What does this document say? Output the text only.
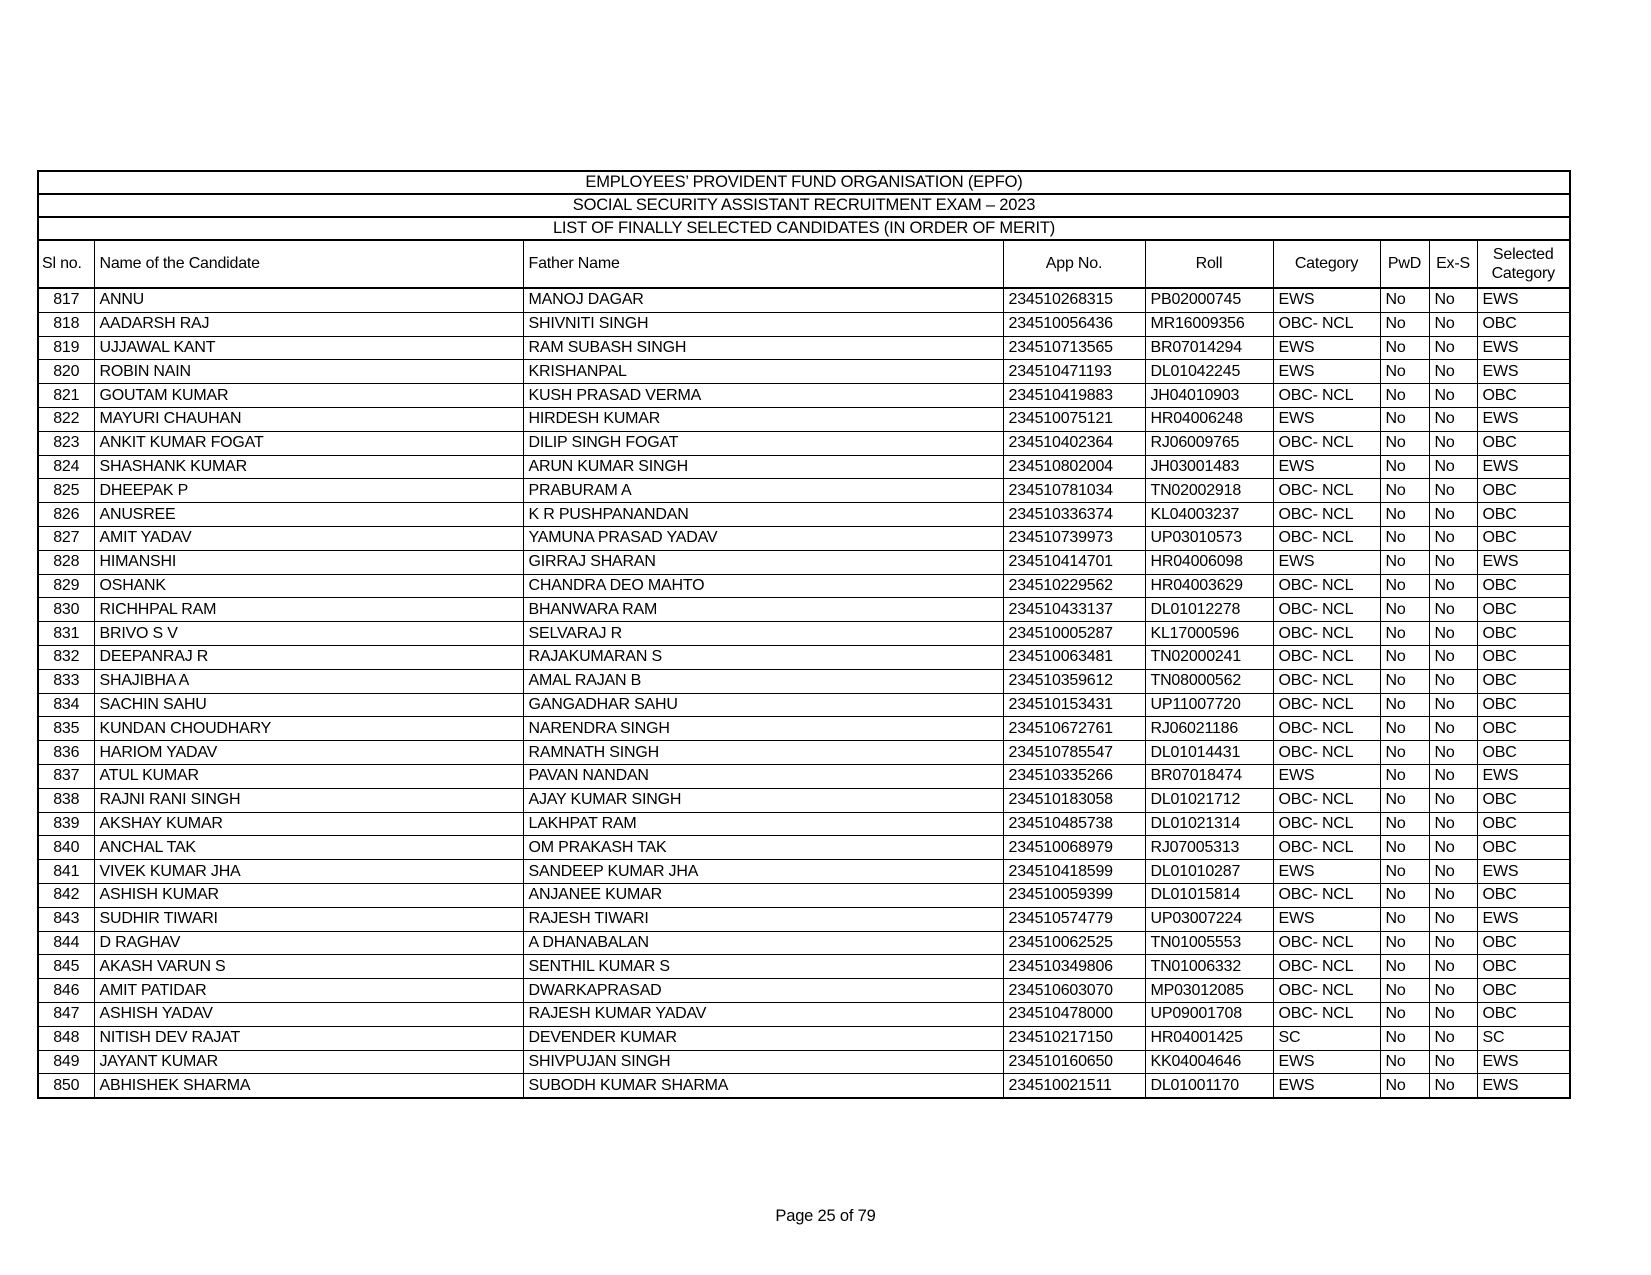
EMPLOYEES’ PROVIDENT FUND ORGANISATION (EPFO)								
SOCIAL SECURITY ASSISTANT RECRUITMENT EXAM – 2023								
LIST OF FINALLY SELECTED CANDIDATES (IN ORDER OF MERIT)								
Sl no.	Name of the Candidate	Father Name	App No.	Roll	Category	PwD	Ex-S	Selected Category
817	ANNU	MANOJ DAGAR	234510268315	PB02000745	EWS	No	No	EWS
818	AADARSH RAJ	SHIVNITI SINGH	234510056436	MR16009356	OBC- NCL	No	No	OBC
819	UJJAWAL KANT	RAM SUBASH SINGH	234510713565	BR07014294	EWS	No	No	EWS
820	ROBIN NAIN	KRISHANPAL	234510471193	DL01042245	EWS	No	No	EWS
821	GOUTAM KUMAR	KUSH PRASAD VERMA	234510419883	JH04010903	OBC- NCL	No	No	OBC
822	MAYURI CHAUHAN	HIRDESH KUMAR	234510075121	HR04006248	EWS	No	No	EWS
823	ANKIT KUMAR FOGAT	DILIP SINGH FOGAT	234510402364	RJ06009765	OBC- NCL	No	No	OBC
824	SHASHANK KUMAR	ARUN KUMAR SINGH	234510802004	JH03001483	EWS	No	No	EWS
825	DHEEPAK P	PRABURAM A	234510781034	TN02002918	OBC- NCL	No	No	OBC
826	ANUSREE	K R PUSHPANANDAN	234510336374	KL04003237	OBC- NCL	No	No	OBC
827	AMIT YADAV	YAMUNA PRASAD YADAV	234510739973	UP03010573	OBC- NCL	No	No	OBC
828	HIMANSHI	GIRRAJ SHARAN	234510414701	HR04006098	EWS	No	No	EWS
829	OSHANK	CHANDRA DEO MAHTO	234510229562	HR04003629	OBC- NCL	No	No	OBC
830	RICHHPAL RAM	BHANWARA RAM	234510433137	DL01012278	OBC- NCL	No	No	OBC
831	BRIVO S V	SELVARAJ R	234510005287	KL17000596	OBC- NCL	No	No	OBC
832	DEEPANRAJ R	RAJAKUMARAN S	234510063481	TN02000241	OBC- NCL	No	No	OBC
833	SHAJIBHA A	AMAL RAJAN B	234510359612	TN08000562	OBC- NCL	No	No	OBC
834	SACHIN SAHU	GANGADHAR SAHU	234510153431	UP11007720	OBC- NCL	No	No	OBC
835	KUNDAN CHOUDHARY	NARENDRA SINGH	234510672761	RJ06021186	OBC- NCL	No	No	OBC
836	HARIOM YADAV	RAMNATH SINGH	234510785547	DL01014431	OBC- NCL	No	No	OBC
837	ATUL KUMAR	PAVAN NANDAN	234510335266	BR07018474	EWS	No	No	EWS
838	RAJNI RANI SINGH	AJAY KUMAR SINGH	234510183058	DL01021712	OBC- NCL	No	No	OBC
839	AKSHAY KUMAR	LAKHPAT RAM	234510485738	DL01021314	OBC- NCL	No	No	OBC
840	ANCHAL TAK	OM PRAKASH TAK	234510068979	RJ07005313	OBC- NCL	No	No	OBC
841	VIVEK KUMAR JHA	SANDEEP KUMAR JHA	234510418599	DL01010287	EWS	No	No	EWS
842	ASHISH KUMAR	ANJANEE KUMAR	234510059399	DL01015814	OBC- NCL	No	No	OBC
843	SUDHIR TIWARI	RAJESH TIWARI	234510574779	UP03007224	EWS	No	No	EWS
844	D RAGHAV	A DHANABALAN	234510062525	TN01005553	OBC- NCL	No	No	OBC
845	AKASH VARUN S	SENTHIL KUMAR S	234510349806	TN01006332	OBC- NCL	No	No	OBC
846	AMIT PATIDAR	DWARKAPRASAD	234510603070	MP03012085	OBC- NCL	No	No	OBC
847	ASHISH YADAV	RAJESH KUMAR YADAV	234510478000	UP09001708	OBC- NCL	No	No	OBC
848	NITISH DEV RAJAT	DEVENDER KUMAR	234510217150	HR04001425	SC	No	No	SC
849	JAYANT KUMAR	SHIVPUJAN SINGH	234510160650	KK04004646	EWS	No	No	EWS
850	ABHISHEK SHARMA	SUBODH KUMAR SHARMA	234510021511	DL01001170	EWS	No	No	EWS
Page 25 of 79
